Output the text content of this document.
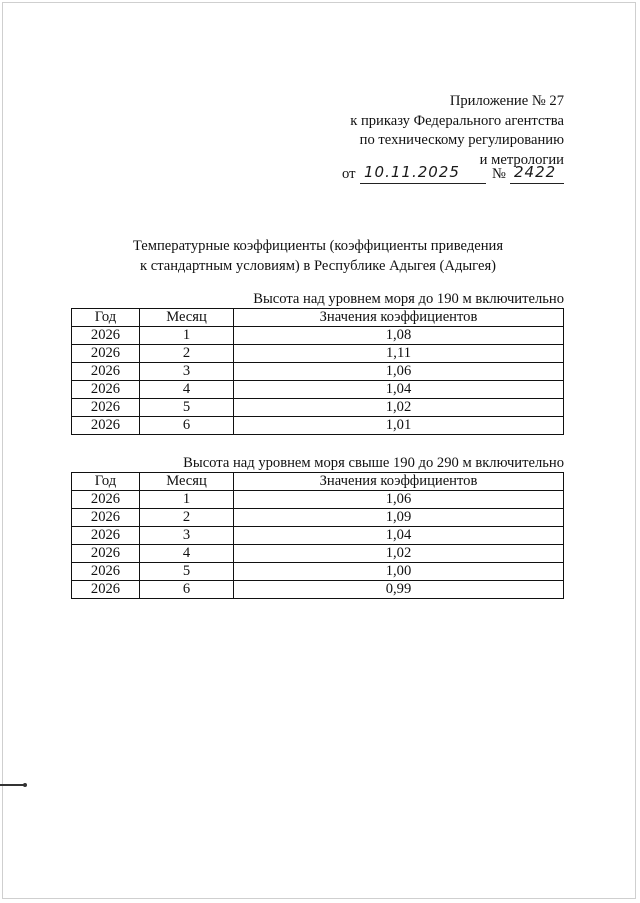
Приложение № 27
к приказу Федерального агентства
по техническому регулированию
и метрологии
от 10.11.2025 № 2422
Температурные коэффициенты (коэффициенты приведения
к стандартным условиям) в Республике Адыгея (Адыгея)
Высота над уровнем моря до 190 м включительно
Год	Месяц	Значения коэффициентов
2026	1	1,08
2026	2	1,11
2026	3	1,06
2026	4	1,04
2026	5	1,02
2026	6	1,01
Высота над уровнем моря свыше 190 до 290 м включительно
Год	Месяц	Значения коэффициентов
2026	1	1,06
2026	2	1,09
2026	3	1,04
2026	4	1,02
2026	5	1,00
2026	6	0,99
